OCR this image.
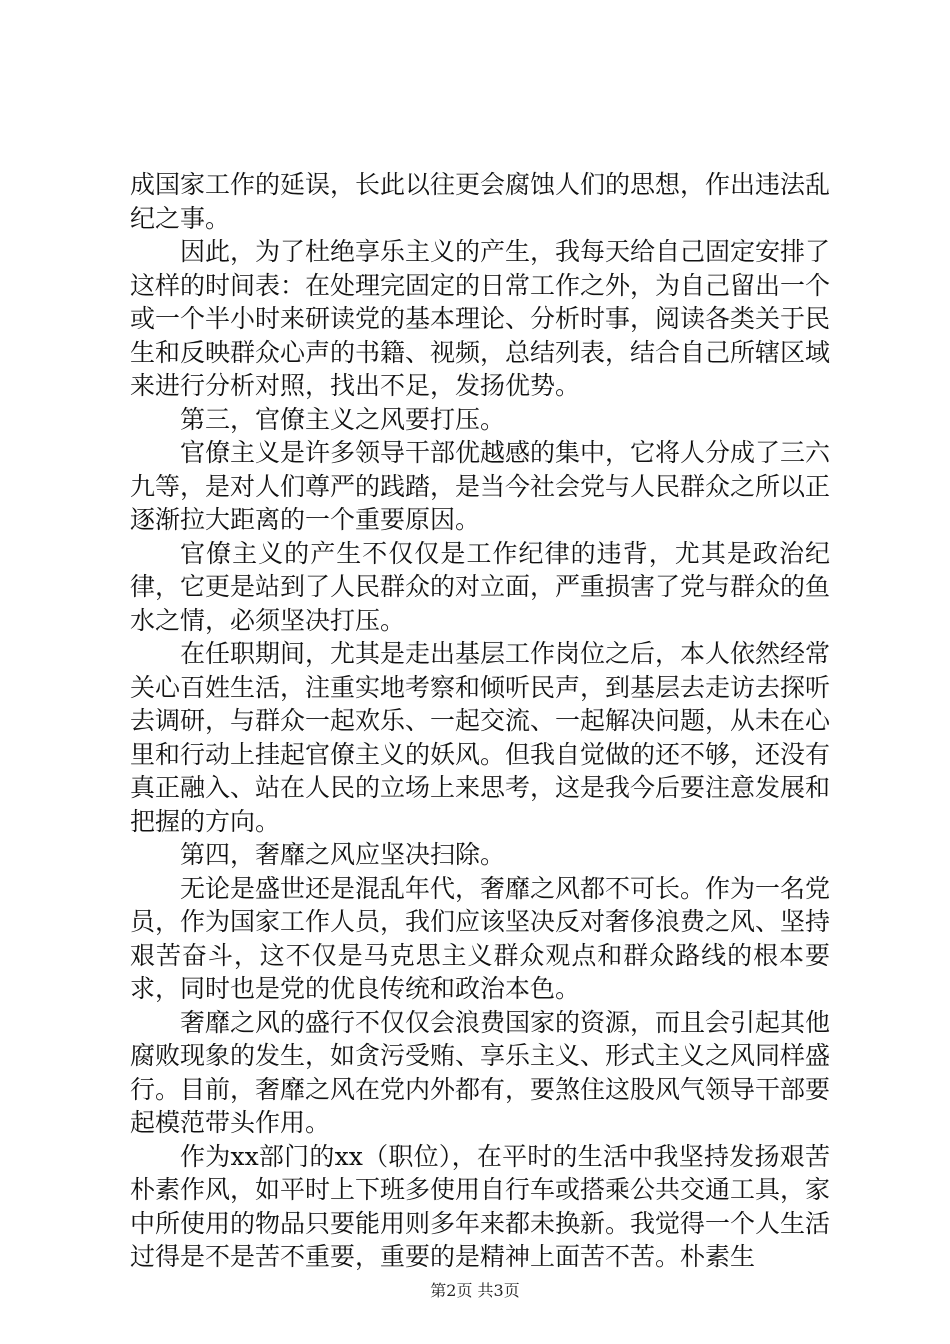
成国家工作的延误，长此以往更会腐蚀人们的思想，作出违法乱纪之事。

因此，为了杜绝享乐主义的产生，我每天给自己固定安排了这样的时间表：在处理完固定的日常工作之外，为自己留出一个或一个半小时来研读党的基本理论、分析时事，阅读各类关于民生和反映群众心声的书籍、视频，总结列表，结合自己所辖区域来进行分析对照，找出不足，发扬优势。

第三，官僚主义之风要打压。

官僚主义是许多领导干部优越感的集中，它将人分成了三六九等，是对人们尊严的践踏，是当今社会党与人民群众之所以正逐渐拉大距离的一个重要原因。

官僚主义的产生不仅仅是工作纪律的违背，尤其是政治纪律，它更是站到了人民群众的对立面，严重损害了党与群众的鱼水之情，必须坚决打压。

在任职期间，尤其是走出基层工作岗位之后，本人依然经常关心百姓生活，注重实地考察和倾听民声，到基层去走访去探听去调研，与群众一起欢乐、一起交流、一起解决问题，从未在心里和行动上挂起官僚主义的妖风。但我自觉做的还不够，还没有真正融入、站在人民的立场上来思考，这是我今后要注意发展和把握的方向。

第四，奢靡之风应坚决扫除。

无论是盛世还是混乱年代，奢靡之风都不可长。作为一名党员，作为国家工作人员，我们应该坚决反对奢侈浪费之风、坚持艰苦奋斗，这不仅是马克思主义群众观点和群众路线的根本要求，同时也是党的优良传统和政治本色。

奢靡之风的盛行不仅仅会浪费国家的资源，而且会引起其他腐败现象的发生，如贪污受贿、享乐主义、形式主义之风同样盛行。目前，奢靡之风在党内外都有，要煞住这股风气领导干部要起模范带头作用。

作为xx部门的xx（职位），在平时的生活中我坚持发扬艰苦朴素作风，如平时上下班多使用自行车或搭乘公共交通工具，家中所使用的物品只要能用则多年来都未换新。我觉得一个人生活过得是不是苦不重要，重要的是精神上面苦不苦。朴素生

第2页 共3页
